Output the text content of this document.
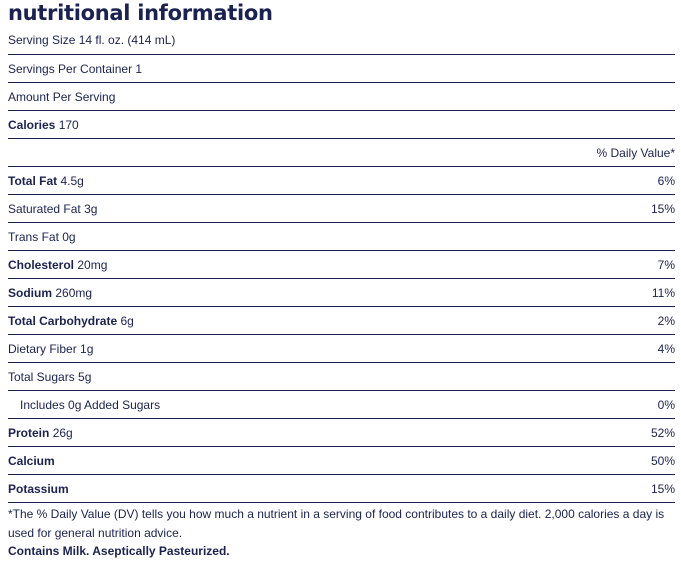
nutritional information
Serving Size 14 fl. oz. (414 mL)
Servings Per Container 1
Amount Per Serving
Calories 170
% Daily Value*
Total Fat 4.5g	6%
Saturated Fat 3g	15%
Trans Fat 0g
Cholesterol 20mg	7%
Sodium 260mg	11%
Total Carbohydrate 6g	2%
Dietary Fiber 1g	4%
Total Sugars 5g
Includes 0g Added Sugars	0%
Protein 26g	52%
Calcium	50%
Potassium	15%
*The % Daily Value (DV) tells you how much a nutrient in a serving of food contributes to a daily diet. 2,000 calories a day is used for general nutrition advice.
Contains Milk. Aseptically Pasteurized.
